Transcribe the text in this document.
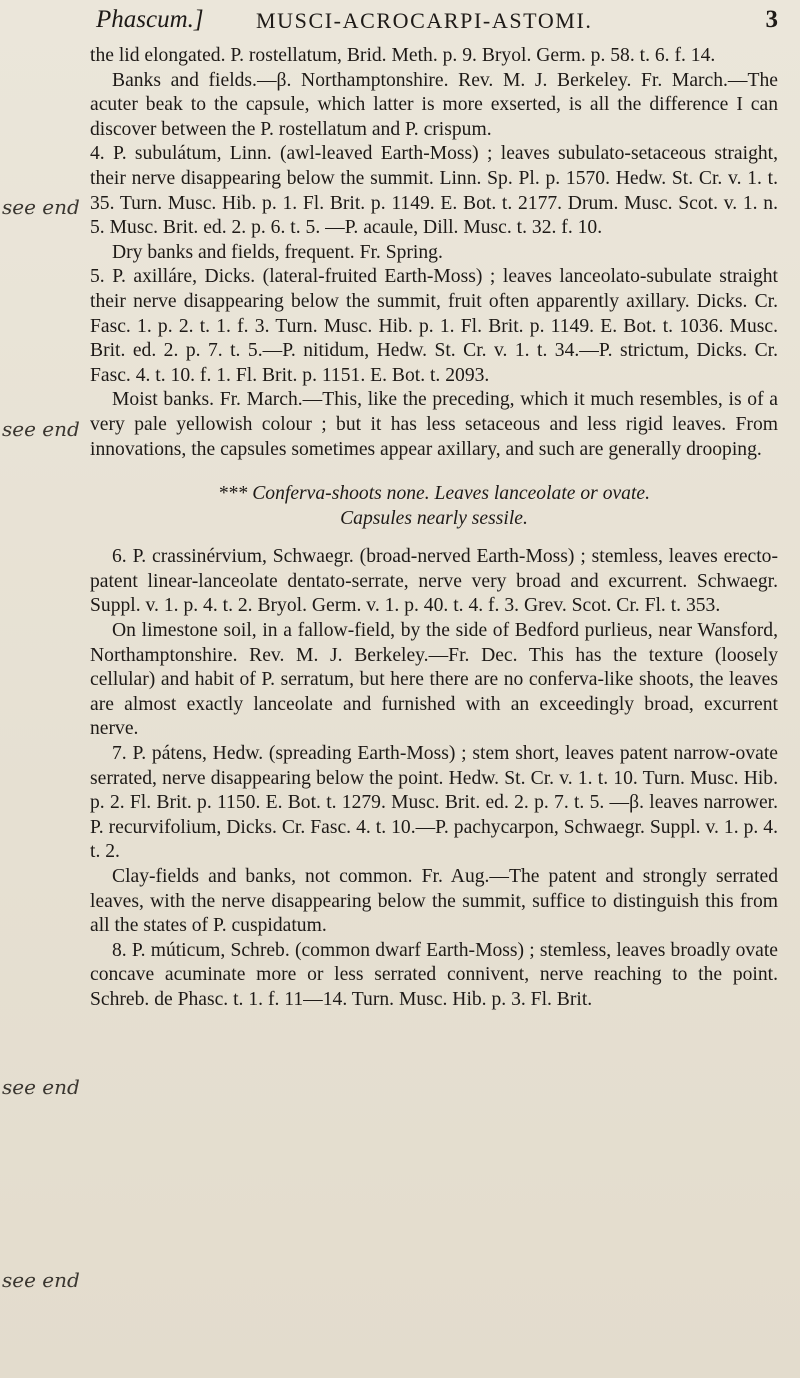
Phascum.] MUSCI-ACROCARPI-ASTOMI.	3
see end
see end
see end
see end

the lid elongated. P. rostellatum, Brid. Meth. p. 9. Bryol. Germ. p. 58. t. 6. f. 14.

Banks and fields.—β. Northamptonshire. Rev. M. J. Berkeley. Fr. March.—The acuter beak to the capsule, which latter is more exserted, is all the difference I can discover between the P. rostellatum and P. crispum.

4. P. subulátum, Linn. (awl-leaved Earth-Moss) ; leaves subulato-setaceous straight, their nerve disappearing below the summit. Linn. Sp. Pl. p. 1570. Hedw. St. Cr. v. 1. t. 35. Turn. Musc. Hib. p. 1. Fl. Brit. p. 1149. E. Bot. t. 2177. Drum. Musc. Scot. v. 1. n. 5. Musc. Brit. ed. 2. p. 6. t. 5. —P. acaule, Dill. Musc. t. 32. f. 10.

Dry banks and fields, frequent. Fr. Spring.

5. P. axilláre, Dicks. (lateral-fruited Earth-Moss) ; leaves lanceolato-subulate straight their nerve disappearing below the summit, fruit often apparently axillary. Dicks. Cr. Fasc. 1. p. 2. t. 1. f. 3. Turn. Musc. Hib. p. 1. Fl. Brit. p. 1149. E. Bot. t. 1036. Musc. Brit. ed. 2. p. 7. t. 5.—P. nitidum, Hedw. St. Cr. v. 1. t. 34.—P. strictum, Dicks. Cr. Fasc. 4. t. 10. f. 1. Fl. Brit. p. 1151. E. Bot. t. 2093.

Moist banks. Fr. March.—This, like the preceding, which it much resembles, is of a very pale yellowish colour ; but it has less setaceous and less rigid leaves. From innovations, the capsules sometimes appear axillary, and such are generally drooping.

*** Conferva-shoots none. Leaves lanceolate or ovate.

Capsules nearly sessile.

6. P. crassinérvium, Schwaegr. (broad-nerved Earth-Moss) ; stemless, leaves erecto-patent linear-lanceolate dentato-serrate, nerve very broad and excurrent. Schwaegr. Suppl. v. 1. p. 4. t. 2. Bryol. Germ. v. 1. p. 40. t. 4. f. 3. Grev. Scot. Cr. Fl. t. 353.

On limestone soil, in a fallow-field, by the side of Bedford purlieus, near Wansford, Northamptonshire. Rev. M. J. Berkeley.—Fr. Dec. This has the texture (loosely cellular) and habit of P. serratum, but here there are no conferva-like shoots, the leaves are almost exactly lanceolate and furnished with an exceedingly broad, excurrent nerve.

7. P. pátens, Hedw. (spreading Earth-Moss) ; stem short, leaves patent narrow-ovate serrated, nerve disappearing below the point. Hedw. St. Cr. v. 1. t. 10. Turn. Musc. Hib. p. 2. Fl. Brit. p. 1150. E. Bot. t. 1279. Musc. Brit. ed. 2. p. 7. t. 5. —β. leaves narrower. P. recurvifolium, Dicks. Cr. Fasc. 4. t. 10.—P. pachycarpon, Schwaegr. Suppl. v. 1. p. 4. t. 2.

Clay-fields and banks, not common. Fr. Aug.—The patent and strongly serrated leaves, with the nerve disappearing below the summit, suffice to distinguish this from all the states of P. cuspidatum.

8. P. múticum, Schreb. (common dwarf Earth-Moss) ; stemless, leaves broadly ovate concave acuminate more or less serrated connivent, nerve reaching to the point. Schreb. de Phasc. t. 1. f. 11—14. Turn. Musc. Hib. p. 3. Fl. Brit.
